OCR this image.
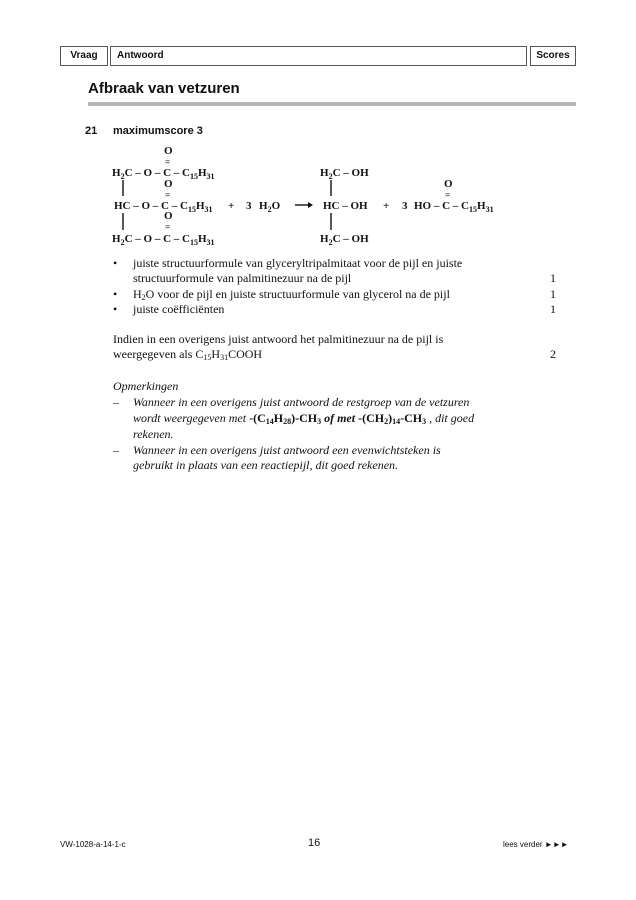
Vraag	Antwoord	Scores
Afbraak van vetzuren
21 maximumscore 3
O
=
$H_2C$ – O – C – $C_{15}H_{31}$
O
=
HC – O – C – $C_{15}H_{31}$
O
=
$H_2C$ – O – C – $C_{15}H_{31}$
+ 3 $H_2O$
$H_2C$ – OH
HC – OH
$H_2C$ – OH
+ 3
O
=
HO – C – $C_{15}H_{31}$
• juiste structuurformule van glyceryltripalmitaat voor de pijl en juiste
structuurformule van palmitinezuur na de pijl	1
• $H_2O$ voor de pijl en juiste structuurformule van glycerol na de pijl	1
• juiste coëfficiënten	1
Indien in een overigens juist antwoord het palmitinezuur na de pijl is
weergegeven als $C_{15}H_{31}COOH$	2
Opmerkingen
– Wanneer in een overigens juist antwoord de restgroep van de vetzuren
wordt weergegeven met $-(C_{14}H_{28})-CH_3$ of met $-(CH_2)_{14}-CH_3$ , dit goed
rekenen.
– Wanneer in een overigens juist antwoord een evenwichtsteken is
gebruikt in plaats van een reactiepijl, dit goed rekenen.
VW-1028-a-14-1-c	16	lees verder ►►►
